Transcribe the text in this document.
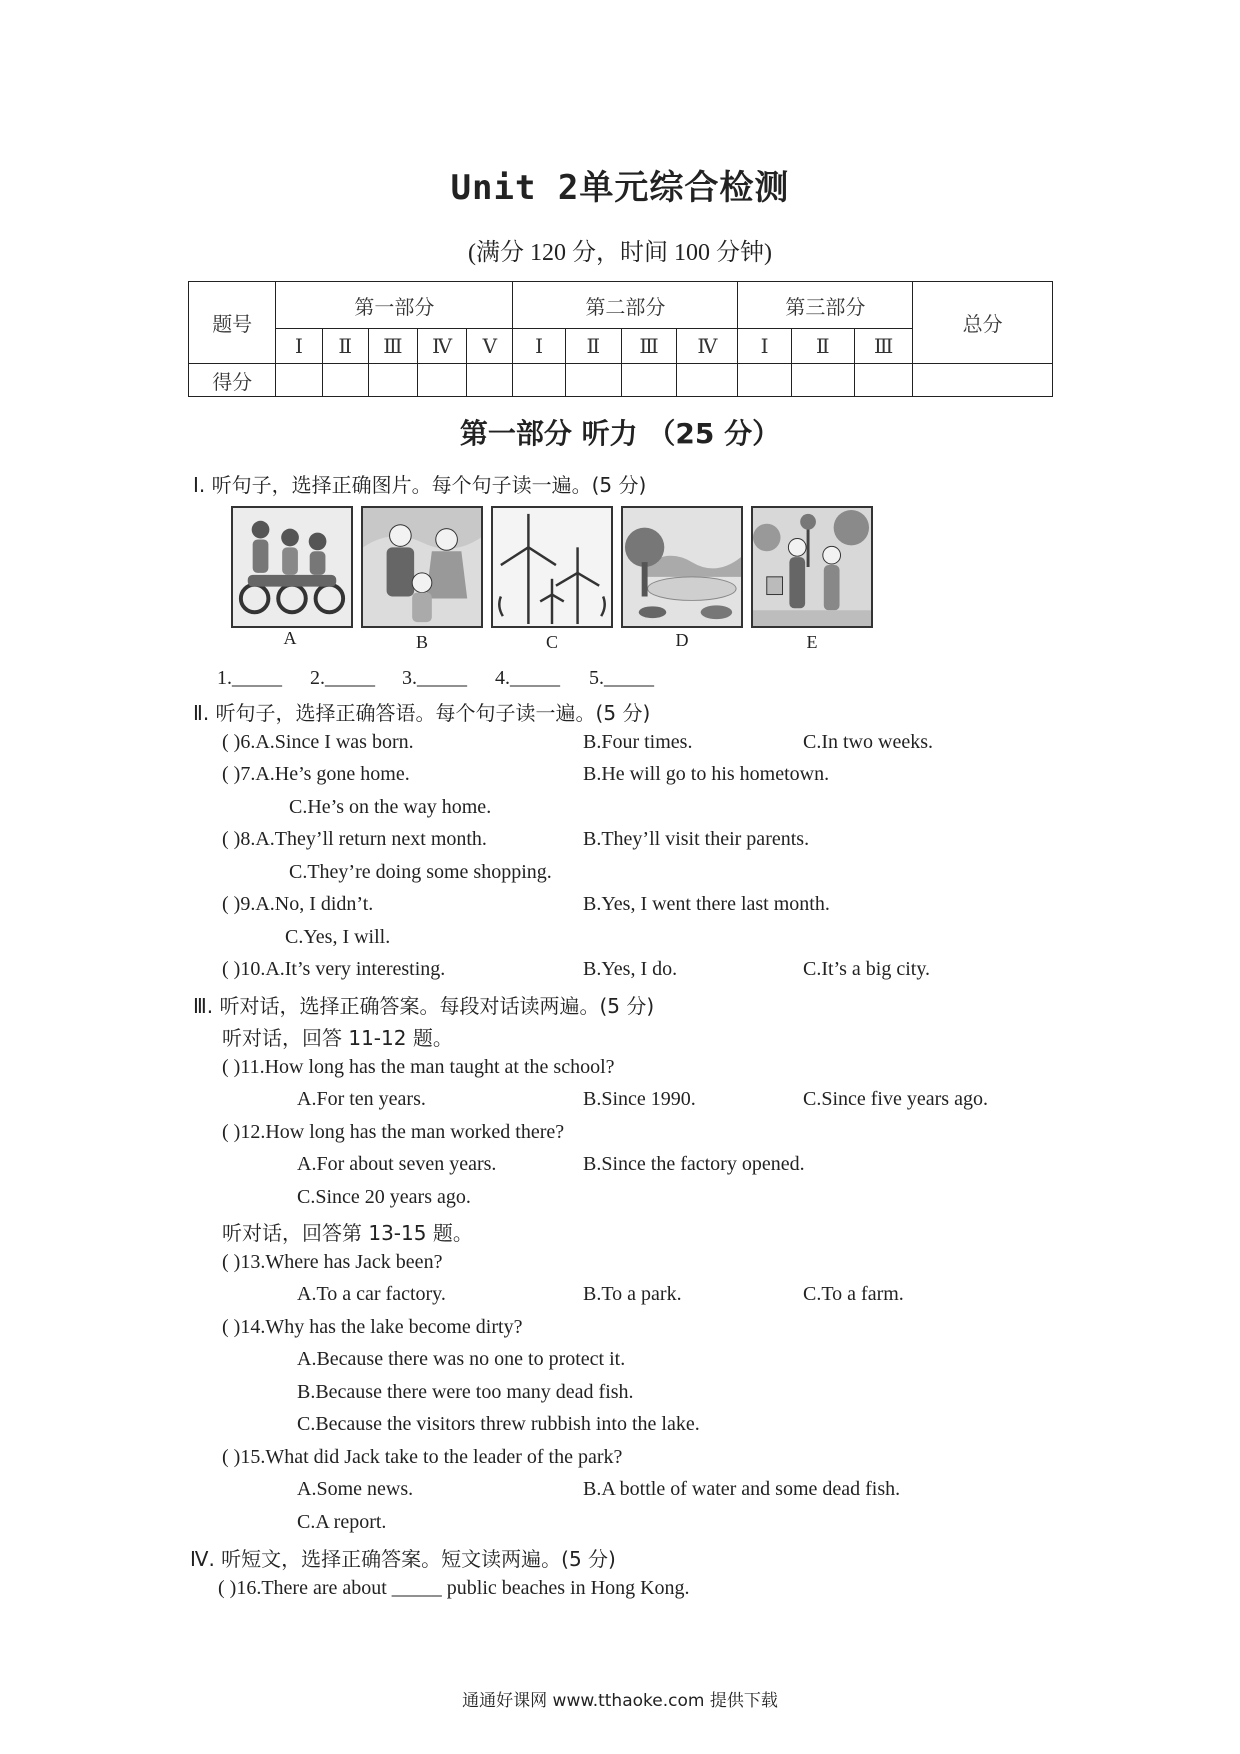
Unit 2单元综合检测
(满分 120 分，时间 100 分钟)
题号	第一部分					第二部分				第三部分			总分
	Ⅰ	Ⅱ	Ⅲ	Ⅳ	Ⅴ	Ⅰ	Ⅱ	Ⅲ	Ⅳ	Ⅰ	Ⅱ	Ⅲ	
得分													
第一部分 听力 （25 分）
Ⅰ. 听句子，选择正确图片。每个句子读一遍。(5 分)
A	B	C	D	E
1._____ 2._____ 3._____ 4._____ 5._____
Ⅱ. 听句子，选择正确答语。每个句子读一遍。(5 分)
( )6.A.Since I was born.	B.Four times.	C.In two weeks.
( )7.A.He’s gone home.	B.He will go to his hometown.
C.He’s on the way home.
( )8.A.They’ll return next month.	B.They’ll visit their parents.
C.They’re doing some shopping.
( )9.A.No, I didn’t.	B.Yes, I went there last month.
C.Yes, I will.
( )10.A.It’s very interesting.	B.Yes, I do.	C.It’s a big city.
Ⅲ. 听对话，选择正确答案。每段对话读两遍。(5 分)
听对话，回答 11-12 题。
( )11.How long has the man taught at the school?
A.For ten years.	B.Since 1990.	C.Since five years ago.
( )12.How long has the man worked there?
A.For about seven years.	B.Since the factory opened.
C.Since 20 years ago.
听对话，回答第 13-15 题。
( )13.Where has Jack been?
A.To a car factory.	B.To a park.	C.To a farm.
( )14.Why has the lake become dirty?
A.Because there was no one to protect it.
B.Because there were too many dead fish.
C.Because the visitors threw rubbish into the lake.
( )15.What did Jack take to the leader of the park?
A.Some news.	B.A bottle of water and some dead fish.
C.A report.
Ⅳ. 听短文，选择正确答案。短文读两遍。(5 分)
( )16.There are about _____ public beaches in Hong Kong.
通通好课网 www.tthaoke.com 提供下载
